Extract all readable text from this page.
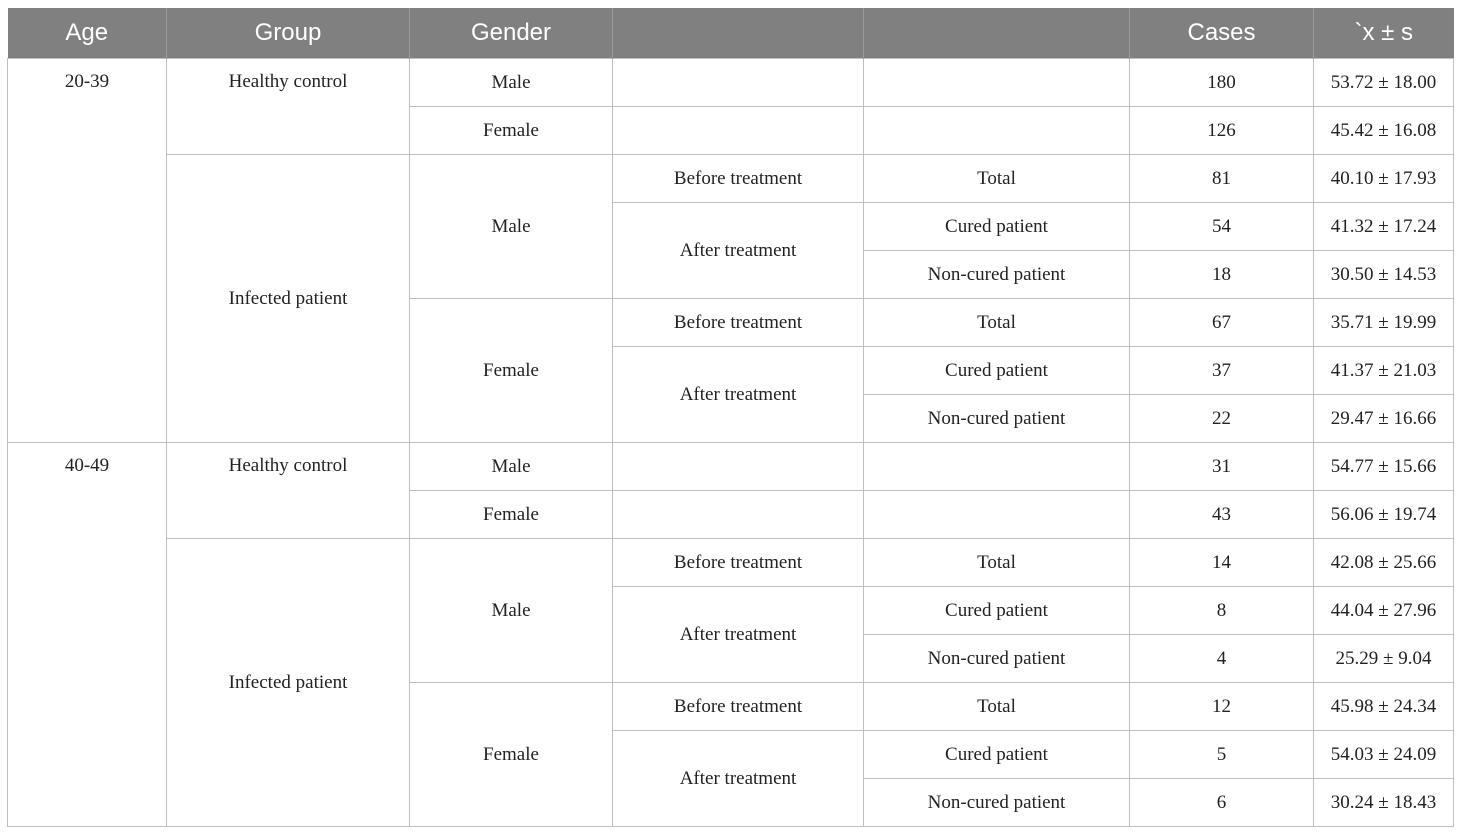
Age	Group	Gender			Cases	`x ± s
20-39	Healthy control	Male			180	53.72 ± 18.00
		Female			126	45.42 ± 16.08
	Infected patient	Male	Before treatment	Total	81	40.10 ± 17.93
			After treatment	Cured patient	54	41.32 ± 17.24
				Non-cured patient	18	30.50 ± 14.53
		Female	Before treatment	Total	67	35.71 ± 19.99
			After treatment	Cured patient	37	41.37 ± 21.03
				Non-cured patient	22	29.47 ± 16.66
40-49	Healthy control	Male			31	54.77 ± 15.66
		Female			43	56.06 ± 19.74
	Infected patient	Male	Before treatment	Total	14	42.08 ± 25.66
			After treatment	Cured patient	8	44.04 ± 27.96
				Non-cured patient	4	25.29 ± 9.04
		Female	Before treatment	Total	12	45.98 ± 24.34
			After treatment	Cured patient	5	54.03 ± 24.09
				Non-cured patient	6	30.24 ± 18.43
